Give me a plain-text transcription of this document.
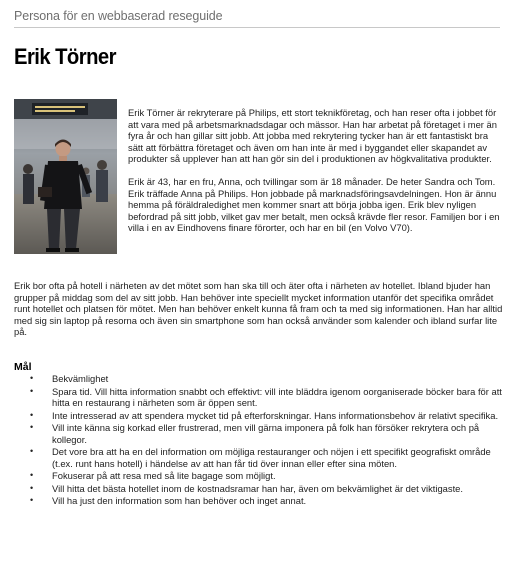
Persona för en webbaserad reseguide
Erik Törner

Erik Törner är rekryterare på Philips, ett stort teknikföretag, och han reser ofta i jobbet för att vara med på arbetsmarknadsdagar och mässor. Han har arbetat på företaget i mer än fyra år och han gillar sitt jobb. Att jobba med rekrytering tycker han är ett fantastiskt bra sätt att förbättra företaget och även om han inte är med i byggandet eller skapandet av produkter så upplever han att han gör sin del i produktionen av högkvalitativa produkter.

Erik är 43, har en fru, Anna, och tvillingar som är 18 månader. De heter Sandra och Tom. Erik träffade Anna på Philips. Hon jobbade på marknadsföringsavdelningen. Hon är ännu hemma på föräldraledighet men kommer snart att börja jobba igen. Erik blev nyligen befordrad på sitt jobb, vilket gav mer betalt, men också krävde fler resor. Familjen bor i en villa i en av Eindhovens finare förorter, och har en bil (en Volvo V70).

Erik bor ofta på hotell i närheten av det mötet som han ska till och äter ofta i närheten av hotellet. Ibland bjuder han grupper på middag som del av sitt jobb. Han behöver inte speciellt mycket information utanför det specifika området runt hotellet och platsen för mötet. Men han behöver enkelt kunna få fram och ta med sig informationen. Han har alltid med sig sin laptop på resorna och även sin smartphone som han också använder som kalender och ibland surfar lite på.

Mål
• Bekvämlighet
• Spara tid. Vill hitta information snabbt och effektivt: vill inte bläddra igenom oorganiserade böcker bara för att hitta en restaurang i närheten som är öppen sent.
• Inte intresserad av att spendera mycket tid på efterforskningar. Hans informationsbehov är relativt specifika.
• Vill inte känna sig korkad eller frustrerad, men vill gärna imponera på folk han försöker rekrytera och på kollegor.
• Det vore bra att ha en del information om möjliga restauranger och nöjen i ett specifikt geografiskt område (t.ex. runt hans hotell) i händelse av att han får tid över innan eller efter sina möten.
• Fokuserar på att resa med så lite bagage som möjligt.
• Vill hitta det bästa hotellet inom de kostnadsramar han har, även om bekvämlighet är det viktigaste.
• Vill ha just den information som han behöver och inget annat.
